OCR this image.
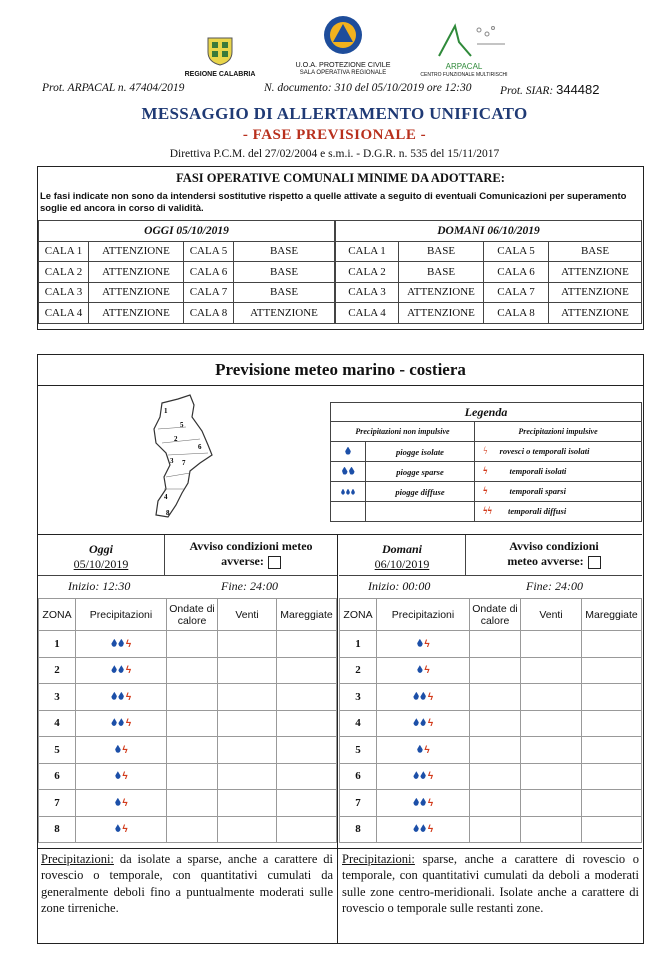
REGIONE CALABRIA
U.O.A. PROTEZIONE CIVILE
SALA OPERATIVA REGIONALE
ARPACAL
CENTRO FUNZIONALE MULTIRISCHI
Prot. ARPACAL n. 47404/2019	N. documento: 310 del 05/10/2019 ore 12:30 Prot. SIAR: 344482
MESSAGGIO DI ALLERTAMENTO UNIFICATO
- FASE PREVISIONALE -
Direttiva P.C.M. del 27/02/2004 e s.m.i. - D.G.R. n. 535 del 15/11/2017
FASI OPERATIVE COMUNALI MINIME DA ADOTTARE:
Le fasi indicate non sono da intendersi sostitutive rispetto a quelle attivate a seguito di eventuali Comunicazioni per superamento soglie ed ancora in corso di validità.
OGGI 05/10/2019			
CALA 1	ATTENZIONE	CALA 5	BASE
CALA 2	ATTENZIONE	CALA 6	BASE
CALA 3	ATTENZIONE	CALA 7	BASE
CALA 4	ATTENZIONE	CALA 8	ATTENZIONE
DOMANI 06/10/2019			
CALA 1	BASE	CALA 5	BASE
CALA 2	BASE	CALA 6	ATTENZIONE
CALA 3	ATTENZIONE	CALA 7	ATTENZIONE
CALA 4	ATTENZIONE	CALA 8	ATTENZIONE
Previsione meteo marino - costiera
1
5
2
6
3 7
4
8
Legenda		
Precipitazioni non impulsive		Precipitazioni impulsive
	piogge isolate	ϟ rovesci o temporali isolati
	piogge sparse	ϟ temporali isolati
	piogge diffuse	ϟ temporali sparsi
		ϟϟ temporali diffusi
Oggi
05/10/2019
Avviso condizioni meteo
avverse:
Inizio: 12:30	Fine: 24:00
Domani
06/10/2019
Avviso condizioni
meteo avverse:
Inizio: 00:00	Fine: 24:00
ZONA	Precipitazioni	Ondate di calore	Venti	Mareggiate
1	ϟ			
2	ϟ			
3	ϟ			
4	ϟ			
5	ϟ			
6	ϟ			
7	ϟ			
8	ϟ			
ZONA	Precipitazioni	Ondate di calore	Venti	Mareggiate
1	ϟ			
2	ϟ			
3	ϟ			
4	ϟ			
5	ϟ			
6	ϟ			
7	ϟ			
8	ϟ			
Precipitazioni: da isolate a sparse, anche a carattere di rovescio o temporale, con quantitativi cumulati da generalmente deboli fino a puntualmente moderati sulle zone tirreniche.
Precipitazioni: sparse, anche a carattere di rovescio o temporale, con quantitativi cumulati da deboli a moderati sulle zone centro-meridionali. Isolate anche a carattere di rovescio o temporale sulle restanti zone.
